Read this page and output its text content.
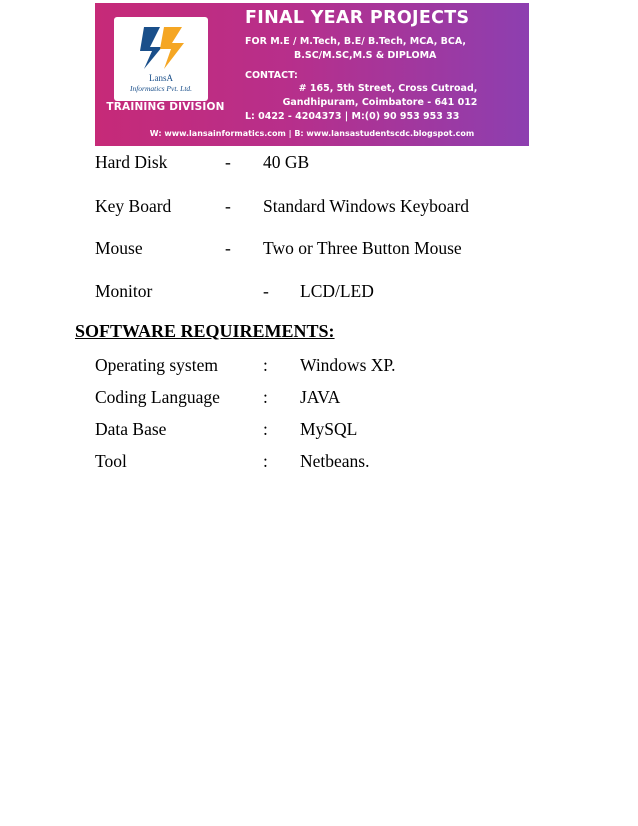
LansA
Informatics Pvt. Ltd.
TRAINING DIVISION
FINAL YEAR PROJECTS
FOR M.E / M.Tech, B.E/ B.Tech, MCA, BCA,
B.SC/M.SC,M.S & DIPLOMA
CONTACT:
# 165, 5th Street, Cross Cutroad,
Gandhipuram, Coimbatore - 641 012
L: 0422 - 4204373 | M:(0) 90 953 953 33
W: www.lansainformatics.com | B: www.lansastudentscdc.blogspot.com
Hard Disk	- 40 GB
Key Board	- Standard Windows Keyboard
Mouse	- Two or Three Button Mouse
Monitor	- LCD/LED
SOFTWARE REQUIREMENTS:
Operating system	: Windows XP.
Coding Language : JAVA
Data Base	: MySQL
Tool	: Netbeans.
